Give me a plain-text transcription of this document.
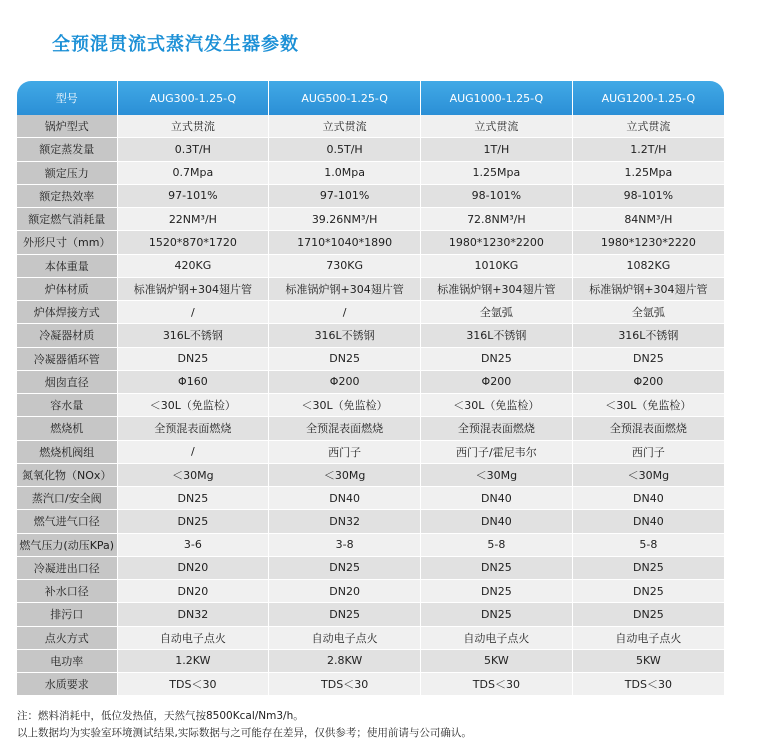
全预混贯流式蒸汽发生器参数
型号	AUG300-1.25-Q	AUG500-1.25-Q	AUG1000-1.25-Q	AUG1200-1.25-Q
锅炉型式	立式贯流	立式贯流	立式贯流	立式贯流
额定蒸发量	0.3T/H	0.5T/H	1T/H	1.2T/H
额定压力	0.7Mpa	1.0Mpa	1.25Mpa	1.25Mpa
额定热效率	97-101%	97-101%	98-101%	98-101%
额定燃气消耗量	22NM³/H	39.26NM³/H	72.8NM³/H	84NM³/H
外形尺寸（mm）	1520*870*1720	1710*1040*1890	1980*1230*2200	1980*1230*2220
本体重量	420KG	730KG	1010KG	1082KG
炉体材质	标准锅炉钢+304翅片管	标准锅炉钢+304翅片管	标准锅炉钢+304翅片管	标准锅炉钢+304翅片管
炉体焊接方式	/	/	全氩弧	全氩弧
冷凝器材质	316L不锈钢	316L不锈钢	316L不锈钢	316L不锈钢
冷凝器循环管	DN25	DN25	DN25	DN25
烟囱直径	Φ160	Φ200	Φ200	Φ200
容水量	＜30L（免监检）	＜30L（免监检）	＜30L（免监检）	＜30L（免监检）
燃烧机	全预混表面燃烧	全预混表面燃烧	全预混表面燃烧	全预混表面燃烧
燃烧机阀组	/	西门子	西门子/霍尼韦尔	西门子
氮氧化物（NOx）	＜30Mg	＜30Mg	＜30Mg	＜30Mg
蒸汽口/安全阀	DN25	DN40	DN40	DN40
燃气进气口径	DN25	DN32	DN40	DN40
燃气压力(动压KPa)	3-6	3-8	5-8	5-8
冷凝进出口径	DN20	DN25	DN25	DN25
补水口径	DN20	DN20	DN25	DN25
排污口	DN32	DN25	DN25	DN25
点火方式	自动电子点火	自动电子点火	自动电子点火	自动电子点火
电功率	1.2KW	2.8KW	5KW	5KW
水质要求	TDS＜30	TDS＜30	TDS＜30	TDS＜30
注：燃料消耗中，低位发热值，天然气按8500Kcal/Nm3/h。
以上数据均为实验室环境测试结果,实际数据与之可能存在差异，仅供参考；使用前请与公司确认。
